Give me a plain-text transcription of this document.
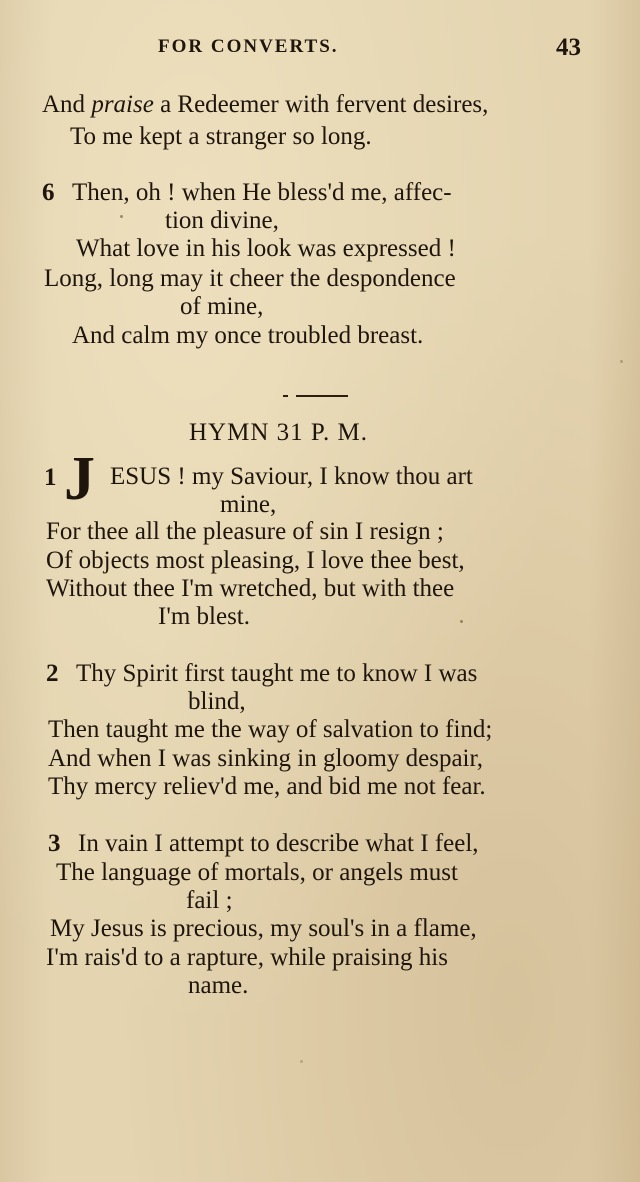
FOR CONVERTS.	43
And praise a Redeemer with fervent desires,
To me kept a stranger so long.
6 Then, oh ! when He bless'd me, affec-
tion divine,
What love in his look was expressed !
Long, long may it cheer the despondence
of mine,
And calm my once troubled breast.
HYMN 31 P. M.
1 J ESUS ! my Saviour, I know thou art
mine,
For thee all the pleasure of sin I resign ;
Of objects most pleasing, I love thee best,
Without thee I'm wretched, but with thee
I'm blest.
2 Thy Spirit first taught me to know I was
blind,
Then taught me the way of salvation to find;
And when I was sinking in gloomy despair,
Thy mercy reliev'd me, and bid me not fear.
3 In vain I attempt to describe what I feel,
The language of mortals, or angels must
fail ;
My Jesus is precious, my soul's in a flame,
I'm rais'd to a rapture, while praising his
name.
